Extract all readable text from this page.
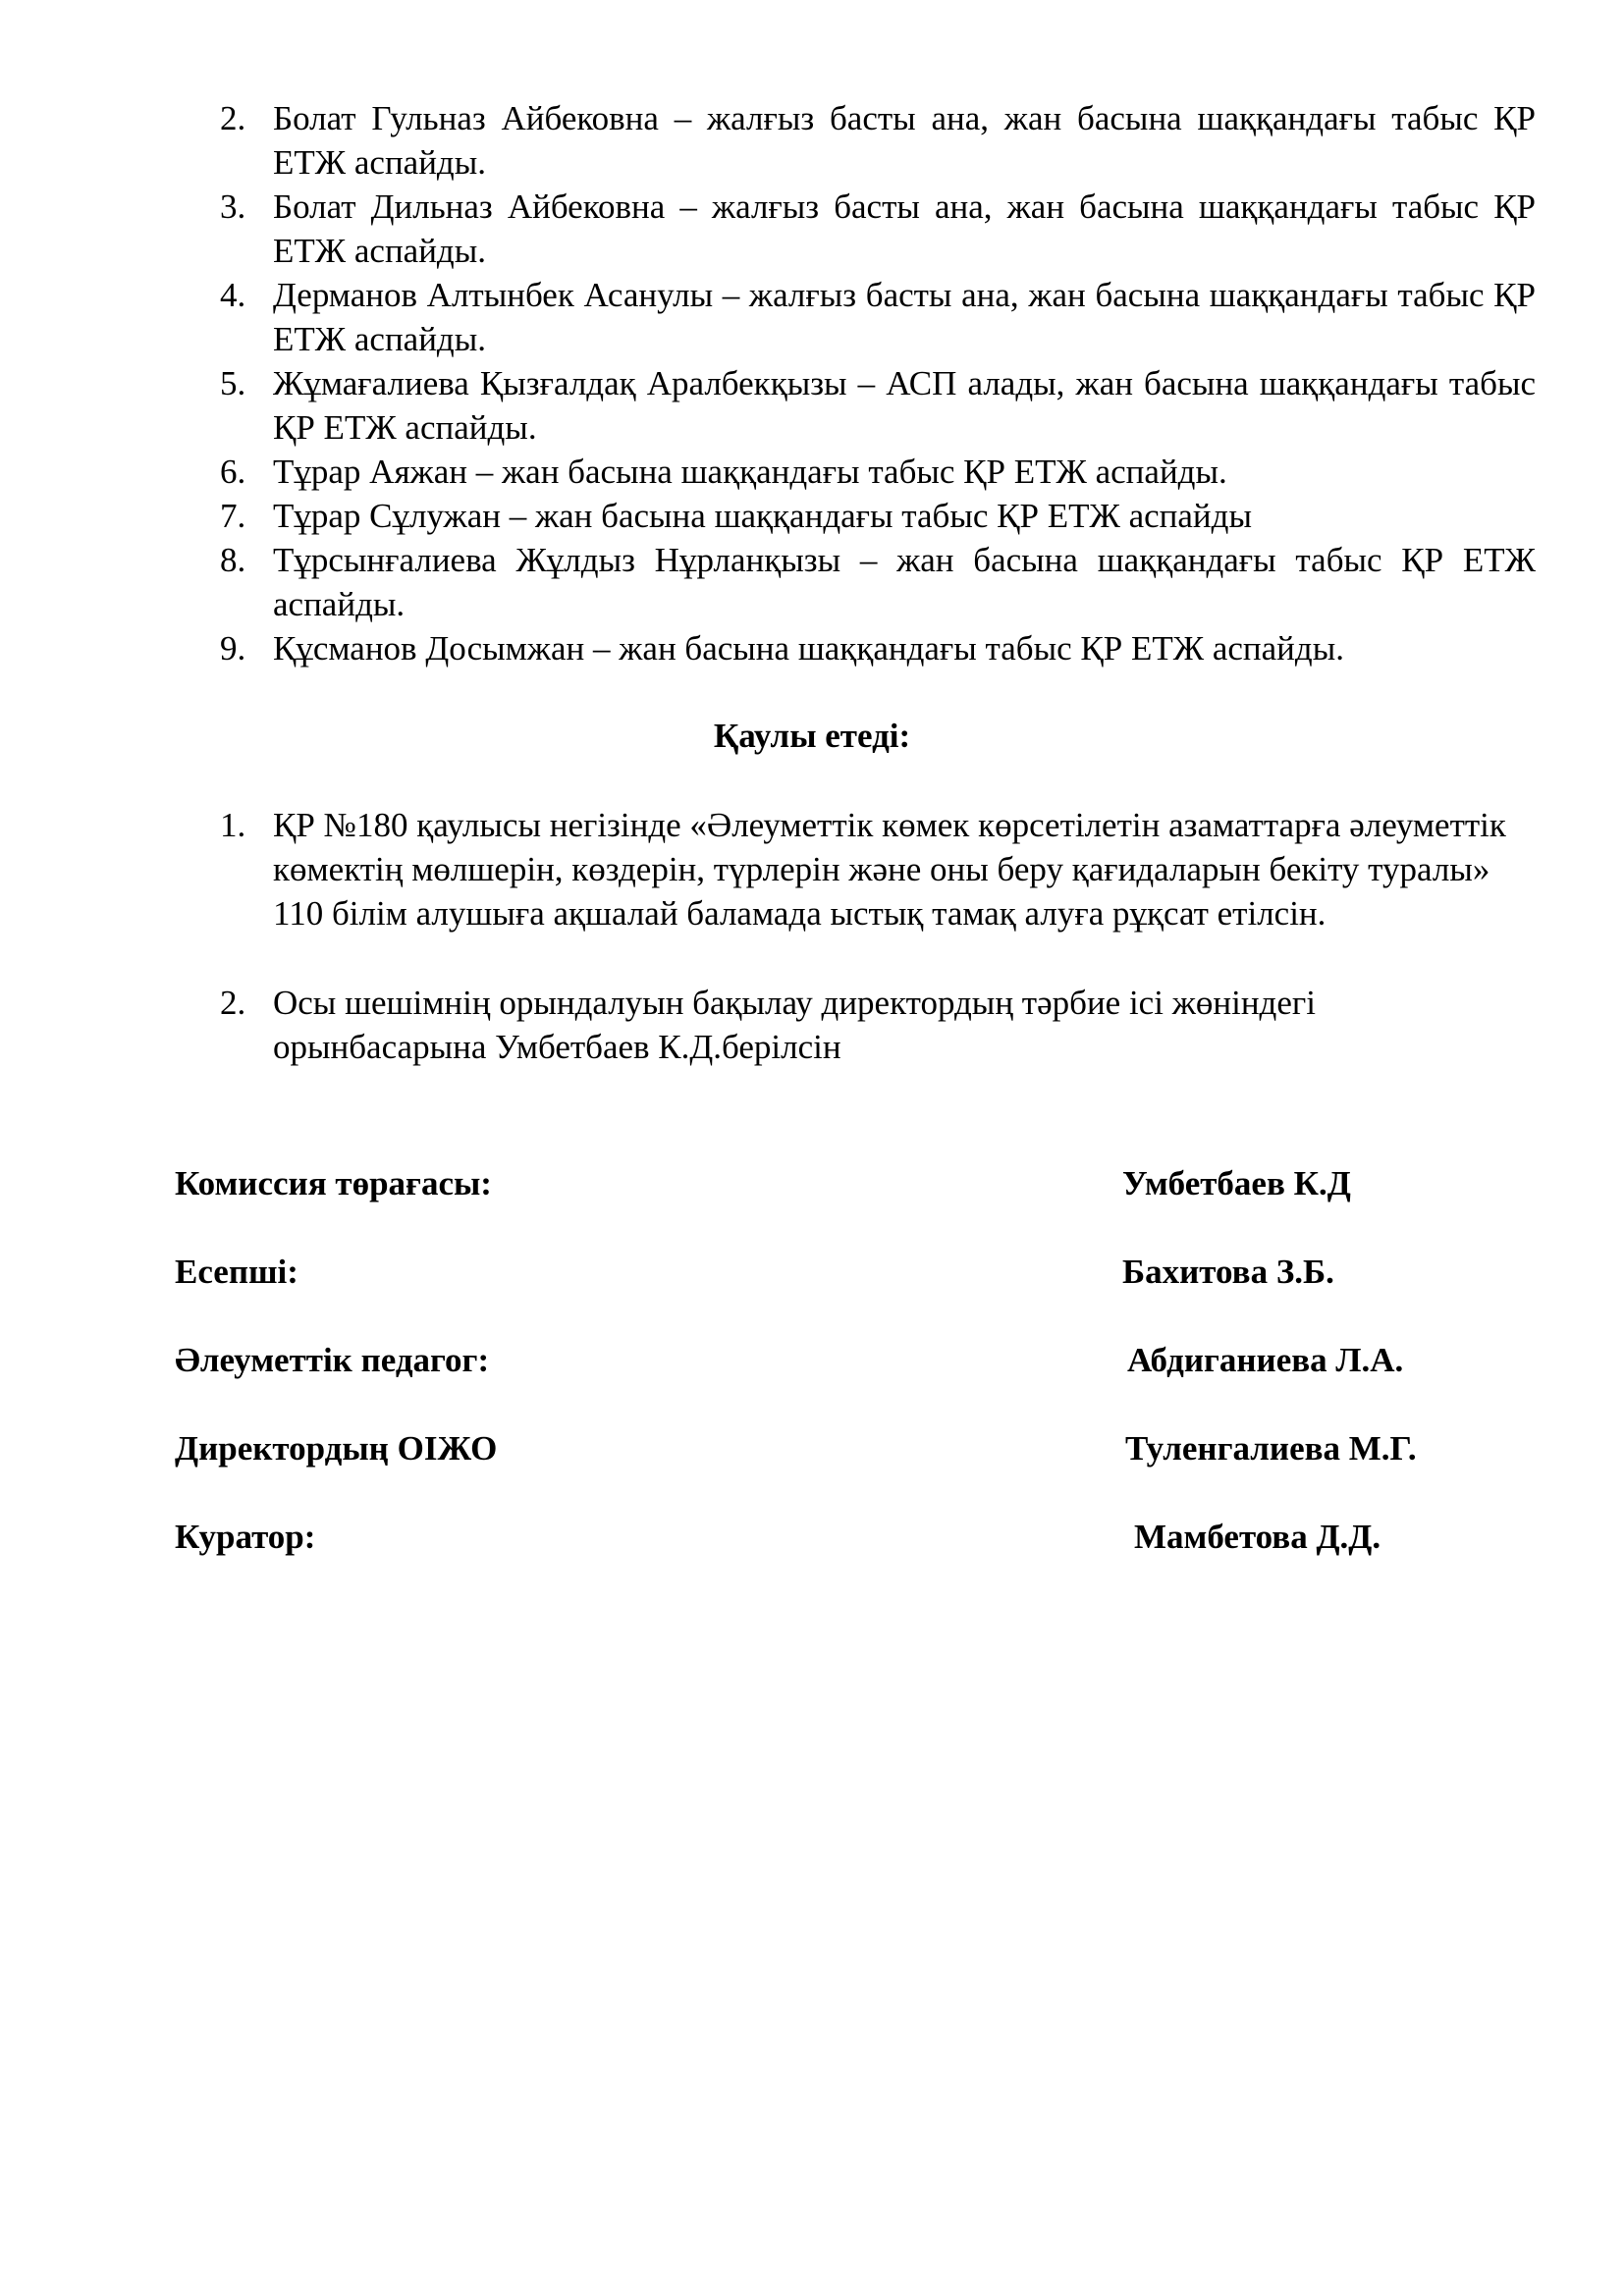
2. Болат Гульназ Айбековна – жалғыз басты ана, жан басына шаққандағы табыс ҚР ЕТЖ аспайды.
3. Болат Дильназ Айбековна – жалғыз басты ана, жан басына шаққандағы табыс ҚР ЕТЖ аспайды.
4. Дерманов Алтынбек Асанулы – жалғыз басты ана, жан басына шаққандағы табыс ҚР ЕТЖ аспайды.
5. Жұмағалиева Қызғалдақ Аралбекқызы – АСП алады, жан басына шаққандағы табыс ҚР ЕТЖ аспайды.
6. Тұрар Аяжан – жан басына шаққандағы табыс ҚР ЕТЖ аспайды.
7. Тұрар Сұлужан – жан басына шаққандағы табыс ҚР ЕТЖ аспайды
8. Тұрсынғалиева Жұлдыз Нұрланқызы – жан басына шаққандағы табыс ҚР ЕТЖ аспайды.
9. Құсманов Досымжан – жан басына шаққандағы табыс ҚР ЕТЖ аспайды.
Қаулы етеді:
1. ҚР №180 қаулысы негізінде «Әлеуметтік көмек көрсетілетін азаматтарға әлеуметтік көмектің мөлшерін, көздерін, түрлерін және оны беру қағидаларын бекіту туралы» 110 білім алушыға ақшалай баламада ыстық тамақ алуға рұқсат етілсін.
2. Осы шешімнің орындалуын бақылау директордың тәрбие ісі жөніндегі орынбасарына Умбетбаев К.Д.берілсін
Комиссия төрағасы:	Умбетбаев К.Д
Есепші:	Бахитова З.Б.
Әлеуметтік педагог:	Абдиганиева Л.А.
Директордың ОІЖО	Туленгалиева М.Г.
Куратор:	Мамбетова Д.Д.
